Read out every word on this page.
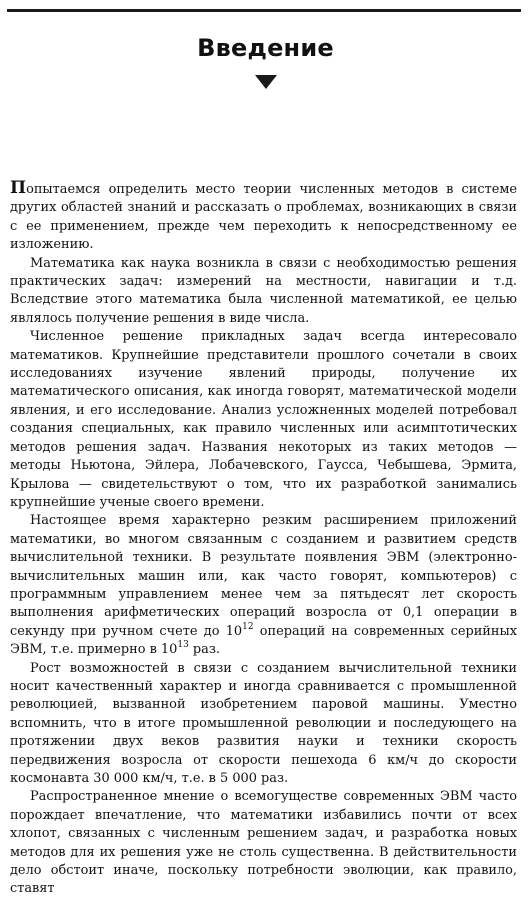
Введение

Попытаемся определить место теории численных методов в системе других областей знаний и рассказать о проблемах, возникающих в связи с ее применением, прежде чем переходить к непосредственному ее изложению.

Математика как наука возникла в связи с необходимостью решения практических задач: измерений на местности, навигации и т.д. Вследствие этого математика была численной математикой, ее целью являлось получение решения в виде числа.

Численное решение прикладных задач всегда интересовало математиков. Крупнейшие представители прошлого сочетали в своих исследованиях изучение явлений природы, получение их математического описания, как иногда говорят, математической модели явления, и его исследование. Анализ усложненных моделей потребовал создания специальных, как правило численных или асимптотических методов решения задач. Названия некоторых из таких методов — методы Ньютона, Эйлера, Лобачевского, Гаусса, Чебышева, Эрмита, Крылова — свидетельствуют о том, что их разработкой занимались крупнейшие ученые своего времени.

Настоящее время характерно резким расширением приложений математики, во многом связанным с созданием и развитием средств вычислительной техники. В результате появления ЭВМ (электронно-вычислительных машин или, как часто говорят, компьютеров) с программным управлением менее чем за пятьдесят лет скорость выполнения арифметических операций возросла от 0,1 операции в секунду при ручном счете до $10^{12}$ операций на современных серийных ЭВМ, т.е. примерно в $10^{13}$ раз.

Рост возможностей в связи с созданием вычислительной техники носит качественный характер и иногда сравнивается с промышленной революцией, вызванной изобретением паровой машины. Уместно вспомнить, что в итоге промышленной революции и последующего на протяжении двух веков развития науки и техники скорость передвижения возросла от скорости пешехода 6 км/ч до скорости космонавта 30 000 км/ч, т.е. в 5 000 раз.

Распространенное мнение о всемогуществе современных ЭВМ часто порождает впечатление, что математики избавились почти от всех хлопот, связанных с численным решением задач, и разработка новых методов для их решения уже не столь существенна. В действительности дело обстоит иначе, поскольку потребности эволюции, как правило, ставят
